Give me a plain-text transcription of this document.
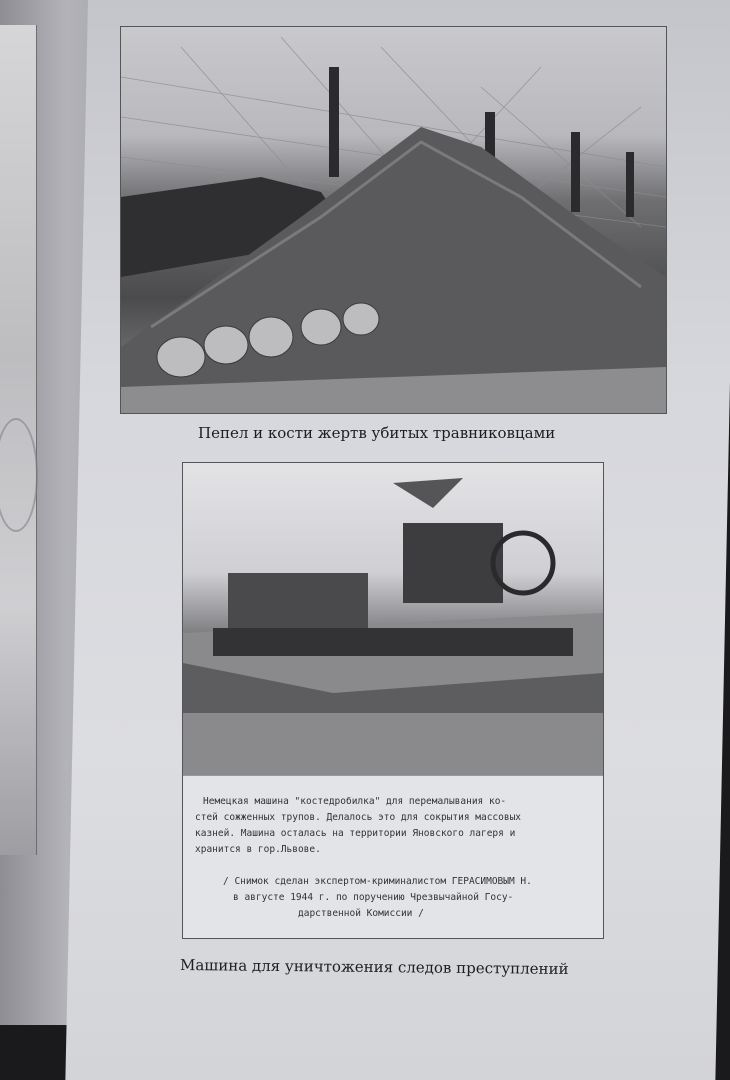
Пепел и кости жертв убитых травниковцами

Немецкая машина "костедробилка" для перемалывания ко-

стей сожженных трупов. Делалось это для сокрытия массовых

казней. Машина осталась на территории Яновского лагеря и

хранится в гор.Львове.

/ Снимок сделан экспертом-криминалистом ГЕРАСИМОВЫМ Н.

в августе 1944 г. по поручению Чрезвычайной Госу-

дарственной Комиссии /

Машина для уничтожения следов преступлений
